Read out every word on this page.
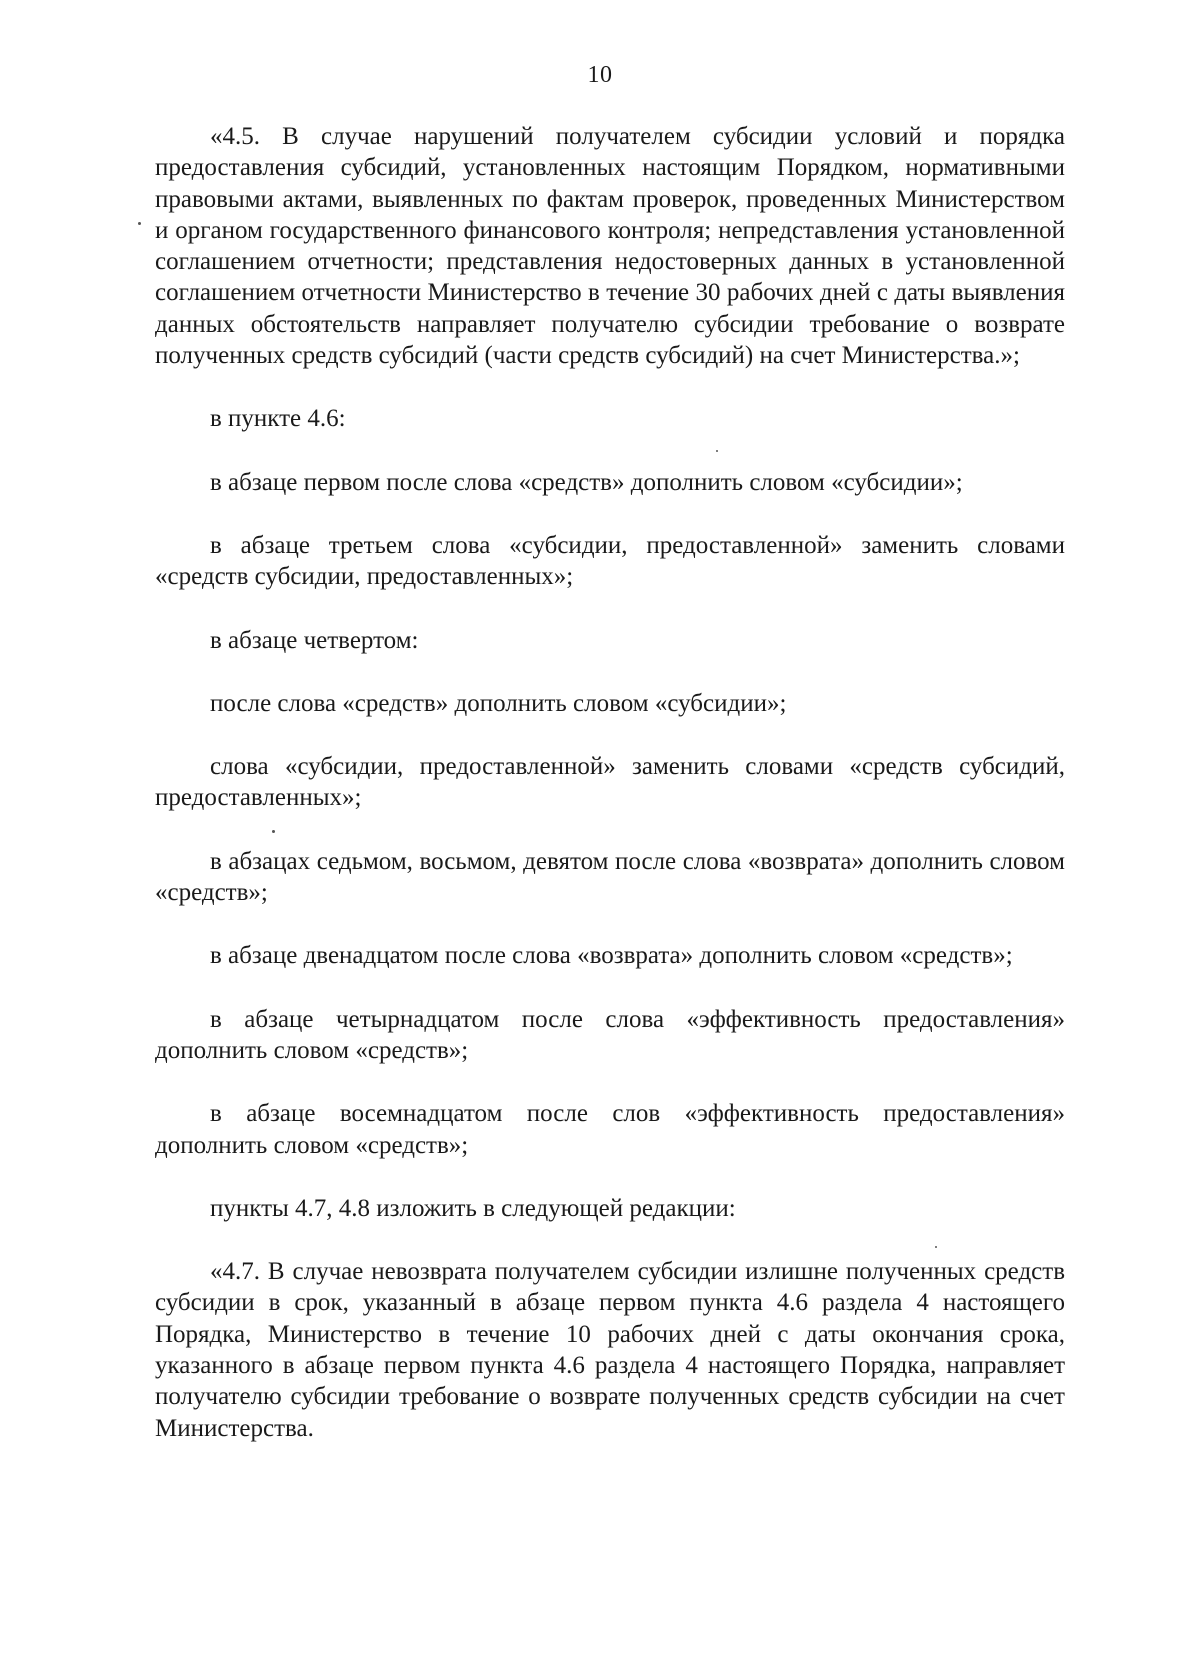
10

«4.5. В случае нарушений получателем субсидии условий и порядка предоставления субсидий, установленных настоящим Порядком, нормативными правовыми актами, выявленных по фактам проверок, проведенных Министерством и органом государственного финансового контроля; непредставления установленной соглашением отчетности; представления недостоверных данных в установленной соглашением отчетности Министерство в течение 30 рабочих дней с даты выявления данных обстоятельств направляет получателю субсидии требование о возврате полученных средств субсидий (части средств субсидий) на счет Министерства.»;

в пункте 4.6:

в абзаце первом после слова «средств» дополнить словом «субсидии»;

в абзаце третьем слова «субсидии, предоставленной» заменить словами «средств субсидии, предоставленных»;

в абзаце четвертом:

после слова «средств» дополнить словом «субсидии»;

слова «субсидии, предоставленной» заменить словами «средств субсидий, предоставленных»;

в абзацах седьмом, восьмом, девятом после слова «возврата» дополнить словом «средств»;

в абзаце двенадцатом после слова «возврата» дополнить словом «средств»;

в абзаце четырнадцатом после слова «эффективность предоставления» дополнить словом «средств»;

в абзаце восемнадцатом после слов «эффективность предоставления» дополнить словом «средств»;

пункты 4.7, 4.8 изложить в следующей редакции:

«4.7. В случае невозврата получателем субсидии излишне полученных средств субсидии в срок, указанный в абзаце первом пункта 4.6 раздела 4 настоящего Порядка, Министерство в течение 10 рабочих дней с даты окончания срока, указанного в абзаце первом пункта 4.6 раздела 4 настоящего Порядка, направляет получателю субсидии требование о возврате полученных средств субсидии на счет Министерства.
